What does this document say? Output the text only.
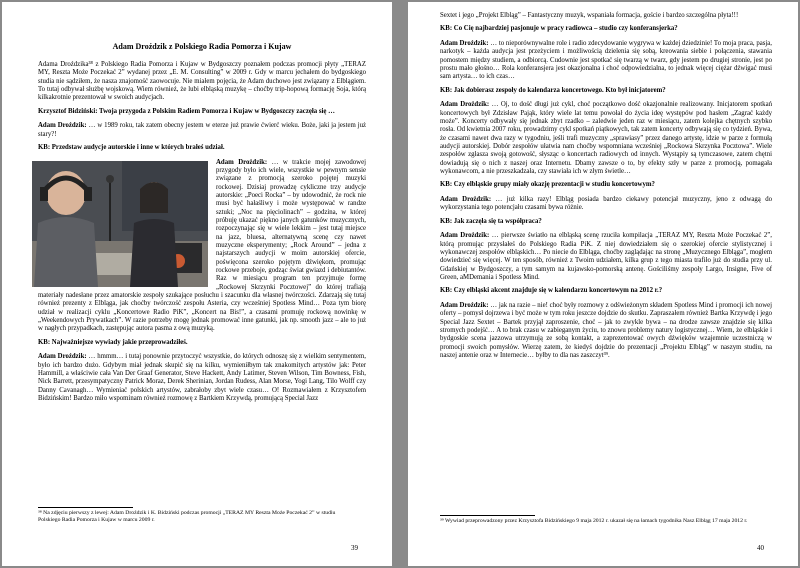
Adam Droździk z Polskiego Radia Pomorza i Kujaw

Adama Droździka³⁸ z Polskiego Radia Pomorza i Kujaw w Bydgoszczy poznałem podczas promocji płyty „TERAZ MY, Reszta Może Poczekać 2” wydanej przez „E. M. Consulting” w 2009 r. Gdy w marcu jechałem do bydgoskiego studia nie sądziłem, że nasza znajomość zaowocuje. Nie miałem pojęcia, że Adam duchowo jest związany z Elblągiem. To tutaj odbywał służbę wojskową. Wiem również, że lubi elbląską muzykę – choćby trip-hopową formację Soja, którą kilkakrotnie prezentował w swoich audycjach.

Krzysztof Bidziński: Twoja przygoda z Polskim Radiem Pomorza i Kujaw w Bydgoszczy zaczęła się …

Adam Droździk: … w 1989 roku, tak zatem obecny jestem w eterze już prawie ćwierć wieku. Boże, jaki ja jestem już stary?!

KB: Przedstaw audycje autorskie i inne w których brałeś udział.

Adam Droździk: … w trakcie mojej zawodowej przygody było ich wiele, wszystkie w pewnym sensie związane z promocją szeroko pojętej muzyki rockowej. Dzisiaj prowadzę cykliczne trzy audycje autorskie: „Poeci Rocka” – by udowodnić, że rock nie musi być hałaśliwy i może występować w randze sztuki; „Noc na pięciolinach” – godzina, w której próbuję ukazać piękno janych gatunków muzycznych, rozpoczynając się w wiele lekkim – jest tutaj miejsce na jazz, bluesa, alternatywną scenę czy nawet muzyczne eksperymenty; „Rock Around” – jedna z najstarszych audycji w moim autorskiej ofercie, poświęcona szeroko pojętym dźwiękom, promując rockowe przeboje, godząc świat gwiazd i debiutantów. Raz w miesiącu program ten przyjmuje formę „Rockowej Skrzynki Pocztowej” do której trafiają materiały nadesłane przez amatorskie zespoły szukające posłuchu i szacunku dla własnej twórczości. Zdarzają się tutaj również prezenty z Elbląga, jak choćby twórczość zespołu Asteria, czy wcześniej Spotless Mind… Poza tym biorę udział w realizacji cyklu „Koncertowe Radio PiK”, „Koncert na Bis!”, a czasami promuję rockową nowinkę w „Weekendowych Prywatkach”. W razie potrzeby mogę jednak promować inne gatunki, jak np. smooth jazz – ale to już w nagłych przypadkach, zastępując autora pasma z ową muzyką.

KB: Najważniejsze wywiady jakie przeprowadziłeś.

Adam Droździk: … hmmm… i tutaj ponownie przytoczyć wszystkie, do których odnoszę się z wielkim sentymentem, było ich bardzo dużo. Gdybym miał jednak skupić się na kilku, wymieniłbym tak znakomitych artystów jak: Peter Hammill, a właściwie cała Van Der Graaf Generator, Steve Hackett, Andy Latimer, Steven Wilson, Tim Bowness, Fish, Nick Barrett, przesympatyczny Patrick Moraz, Derek Sherinian, Jordan Rudess, Alan Morse, Yogi Lang, Tilo Wolff czy Danny Cavanagh… Wymieniać polskich artystów, zabrałoby zbyt wiele czasu… O! Rozmawiałem z Krzysztofem Bidzińskim! Bardzo miło wspominam również rozmowę z Bartkiem Krzywdą, promującą Special Jazz

³⁸ Na zdjęciu pierwszy z lewej: Adam Droździk i K. Bidziński podczas promocji „TERAZ MY Reszta Może Poczekać 2” w studiu Polskiego Radia Pomorza i Kujaw w marcu 2009 r.

39

Sextet i jego „Projekt Elbląg” – Fantastyczny muzyk, wspaniała formacja, goście i bardzo szczególna płyta!!!

KB: Co Cię najbardziej pasjonuje w pracy radiowca – studio czy konferansjerka?

Adam Droździk: … to nieporównywalne role i radio zdecydowanie wygrywa w każdej dziedzinie! To moja praca, pasja, narkotyk – każda audycja jest przeżyciem i możliwością dzielenia się sobą, kreowania siebie i połączenia, stawania pomostem między studiem, a odbiorcą. Cudownie jest spotkać się twarzą w twarz, gdy jestem po drugiej stronie, jest po prostu mało głośno… Rola konferansjera jest okazjonalna i choć odpowiedzialna, to jednak więcej ciężar dźwigać musi sam artysta… to ich czas…

KB: Jak dobierasz zespoły do kalendarza koncertowego. Kto był inicjatorem?

Adam Droździk: … Oj, to dość długi już cykl, choć początkowo dość okazjonalnie realizowany. Inicjatorem spotkań koncertowych był Zdzisław Pająk, który wiele lat temu powołał do życia ideę występów pod hasłem „Zagrać każdy może”. Koncerty odbywały się jednak zbyt rzadko – zaledwie jeden raz w miesiącu, zatem kolejka chętnych szybko rosła. Od kwietnia 2007 roku, prowadzimy cykl spotkań piątkowych, tak zatem koncerty odbywają się co tydzień. Bywa, że czasami nawet dwa razy w tygodniu, jeśli trafi muzyczny „sprawiasy” przez danego artystę, idzie w parze z formułą audycji autorskiej. Dobór zespołów ułatwia nam choćby wspomniana wcześniej „Rockowa Skrzynka Pocztowa”. Wiele zespołów zgłasza swoją gotowość, słysząc o koncertach radiowych od innych. Wystąpiy są tymczasowe, zatem chętni dowiadują się o nich z naszej oraz Internetu. Dbamy zawsze o to, by efekty szły w parze z promocją, pomagała wykonawcom, a nie przeszkadzała, czy stawiała ich w złym świetle…

KB: Czy elbląskie grupy miały okazję prezentacji w studiu koncertowym?

Adam Droździk: … już kilka razy! Elbląg posiada bardzo ciekawy potencjał muzyczny, jeno z odwagą do wykorzystania tego potencjału czasami bywa różnie.

KB: Jak zaczęła się ta współpraca?

Adam Droździk: … pierwsze światło na elbląską scenę rzuciła kompilacja „TERAZ MY, Reszta Może Poczekać 2”, którą promując przysłałeś do Polskiego Radia PiK. Z niej dowiedziałem się o szerokiej ofercie stylistycznej i wykonawczej zespołów elbląskich… Po niecie do Elbląga, choćby zaglądając na stronę „Muzycznego Elbląga”, mogłem dowiedzieć się więcej. W ten sposób, również z Twoim udziałem, kilka grup z tego miasta trafiło już do studia przy ul. Gdańskiej w Bydgoszczy, a tym samym na kujawsko-pomorską antenę. Gościliśmy zespoły Largo, Insigne, Five of Green, aMDemania i Spotless Mind.

KB: Czy elbląski akcent znajduje się w kalendarzu koncertowym na 2012 r.?

Adam Droździk: … jak na razie – nie! choć były rozmowy z odświeżonym składem Spotless Mind i promocji ich nowej oferty – pomysł dojrzewa i być może w tym roku jeszcze dojdzie do skutku. Zapraszałem również Bartka Krzywdę i jego Special Jazz Sextet – Bartek przyjął zaproszenie, choć – jak to zwykle bywa – na drodze zawsze znajdzie się kilka stromych podejść… A to brak czasu w zabieganym życiu, to znowu problemy natury logistycznej… Wiem, że elbląskie i bydgoskie scena jazzowa utrzymują ze sobą kontakt, a zaprezentować owych dźwięków wzajemnie uczestniczą w promocji swoich pomysłów. Wierzę zatem, że kiedyś dojdzie do prezentacji „Projektu Elbląg” w naszym studiu, na naszej antenie oraz w Internecie… byłby to dla nas zaszczyt³⁹.

³⁹ Wywiad przeprowadzony przez Krzysztofa Bidzińskiego 9 maja 2012 r. ukazał się na łamach tygodnika Nasz Elbląg 17 maja 2012 r.

40
